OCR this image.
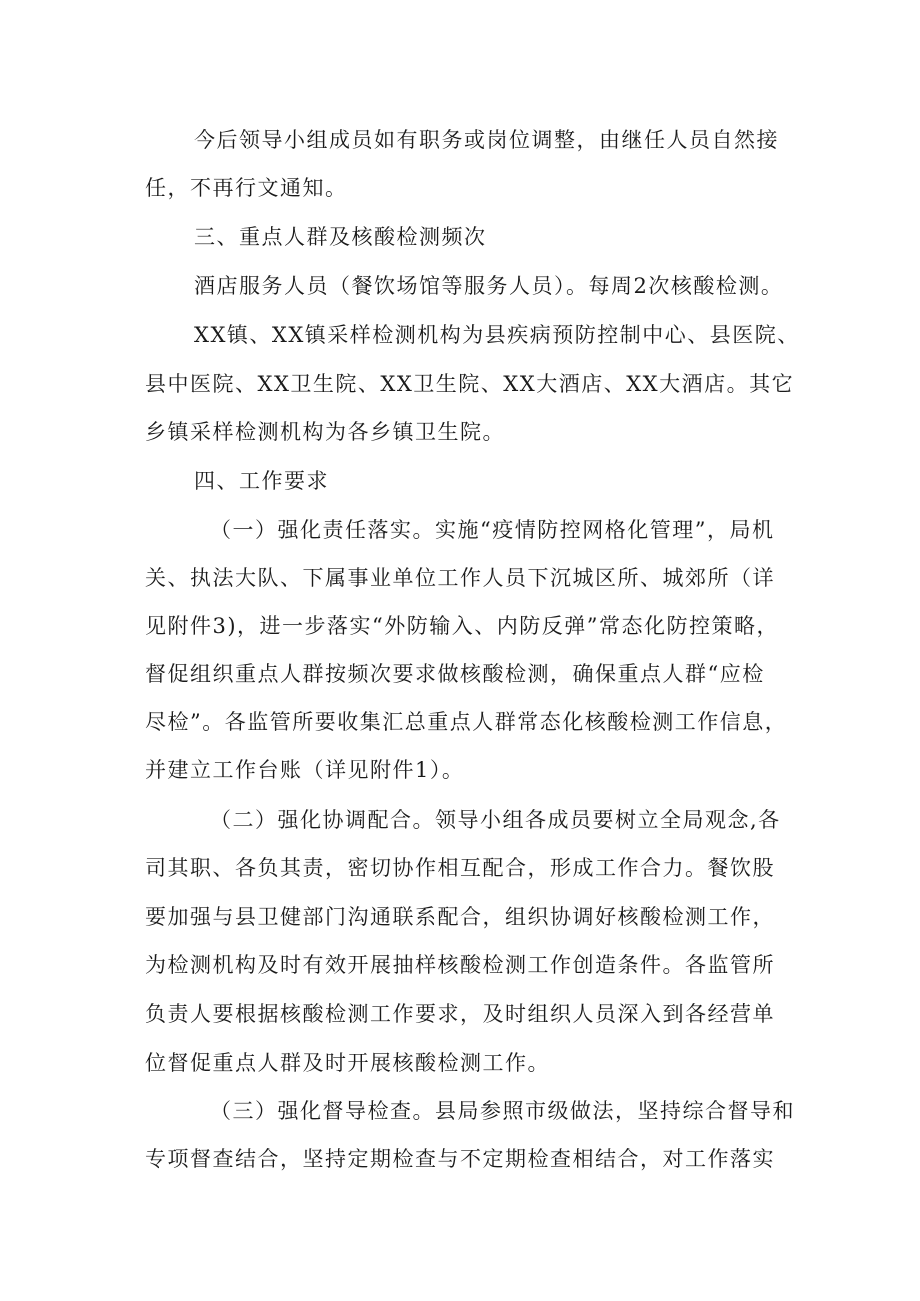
今后领导小组成员如有职务或岗位调整，由继任人员自然接
任，不再行文通知。
三、重点人群及核酸检测频次
酒店服务人员（餐饮场馆等服务人员）。每周2次核酸检测。
XX镇、XX镇采样检测机构为县疾病预防控制中心、县医院、
县中医院、XX卫生院、XX卫生院、XX大酒店、XX大酒店。其它
乡镇采样检测机构为各乡镇卫生院。
四、工作要求
（一）强化责任落实。实施“疫情防控网格化管理”，局机
关、执法大队、下属事业单位工作人员下沉城区所、城郊所（详
见附件3)，进一步落实“外防输入、内防反弹”常态化防控策略，
督促组织重点人群按频次要求做核酸检测，确保重点人群“应检
尽检”。各监管所要收集汇总重点人群常态化核酸检测工作信息，
并建立工作台账（详见附件1）。
（二）强化协调配合。领导小组各成员要树立全局观念,各
司其职、各负其责，密切协作相互配合，形成工作合力。餐饮股
要加强与县卫健部门沟通联系配合，组织协调好核酸检测工作，
为检测机构及时有效开展抽样核酸检测工作创造条件。各监管所
负责人要根据核酸检测工作要求，及时组织人员深入到各经营单
位督促重点人群及时开展核酸检测工作。
（三）强化督导检查。县局参照市级做法，坚持综合督导和
专项督查结合，坚持定期检查与不定期检查相结合，对工作落实
